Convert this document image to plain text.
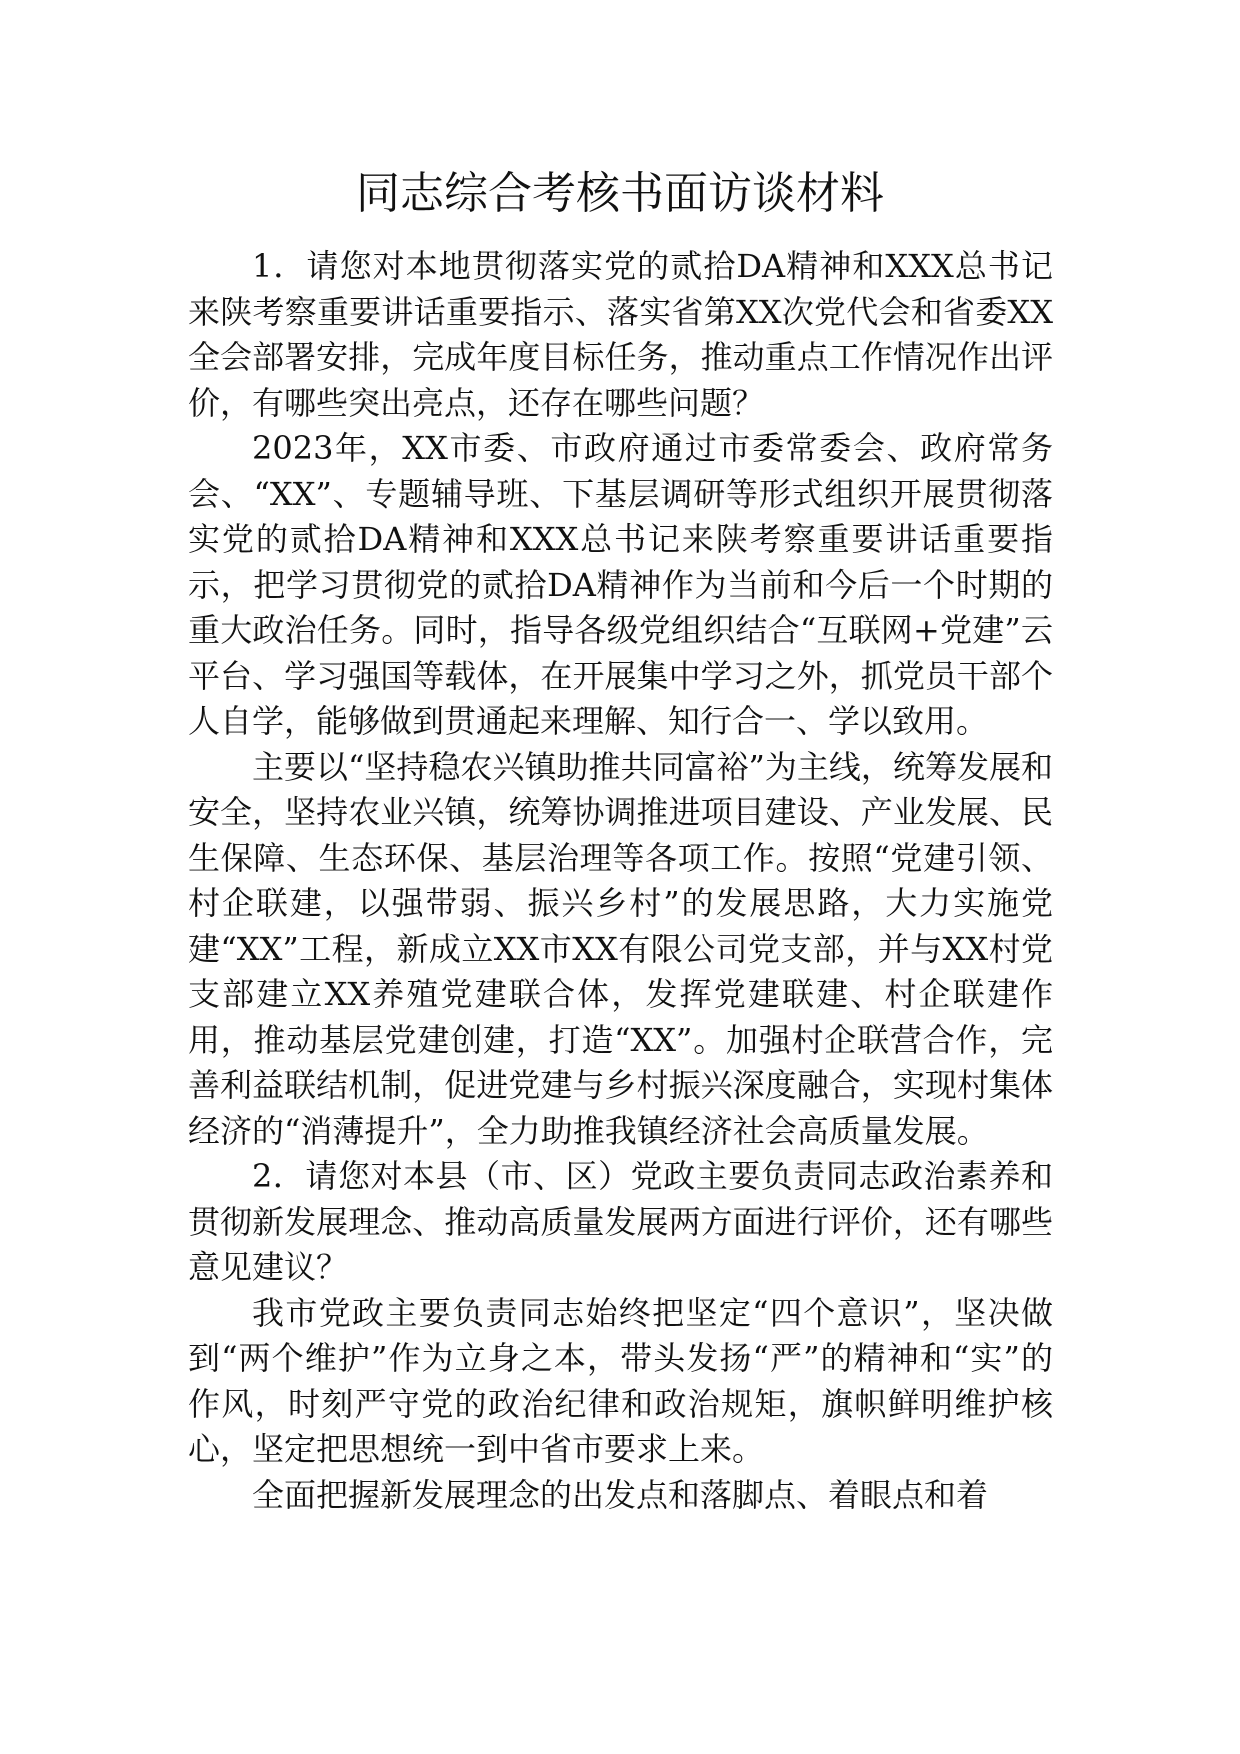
同志综合考核书面访谈材料

1．请您对本地贯彻落实党的贰拾DA精神和XXX总书记来陕考察重要讲话重要指示、落实省第XX次党代会和省委XX全会部署安排，完成年度目标任务，推动重点工作情况作出评价，有哪些突出亮点，还存在哪些问题？

2023年，XX市委、市政府通过市委常委会、政府常务会、“XX”、专题辅导班、下基层调研等形式组织开展贯彻落实党的贰拾DA精神和XXX总书记来陕考察重要讲话重要指示，把学习贯彻党的贰拾DA精神作为当前和今后一个时期的重大政治任务。同时，指导各级党组织结合“互联网+党建”云平台、学习强国等载体，在开展集中学习之外，抓党员干部个人自学，能够做到贯通起来理解、知行合一、学以致用。

主要以“坚持稳农兴镇助推共同富裕”为主线，统筹发展和安全，坚持农业兴镇，统筹协调推进项目建设、产业发展、民生保障、生态环保、基层治理等各项工作。按照“党建引领、村企联建，以强带弱、振兴乡村”的发展思路，大力实施党建“XX”工程，新成立XX市XX有限公司党支部，并与XX村党支部建立XX养殖党建联合体，发挥党建联建、村企联建作用，推动基层党建创建，打造“XX”。加强村企联营合作，完善利益联结机制，促进党建与乡村振兴深度融合，实现村集体经济的“消薄提升”，全力助推我镇经济社会高质量发展。

2．请您对本县（市、区）党政主要负责同志政治素养和贯彻新发展理念、推动高质量发展两方面进行评价，还有哪些意见建议？

我市党政主要负责同志始终把坚定“四个意识”，坚决做到“两个维护”作为立身之本，带头发扬“严”的精神和“实”的作风，时刻严守党的政治纪律和政治规矩，旗帜鲜明维护核心，坚定把思想统一到中省市要求上来。

全面把握新发展理念的出发点和落脚点、着眼点和着
